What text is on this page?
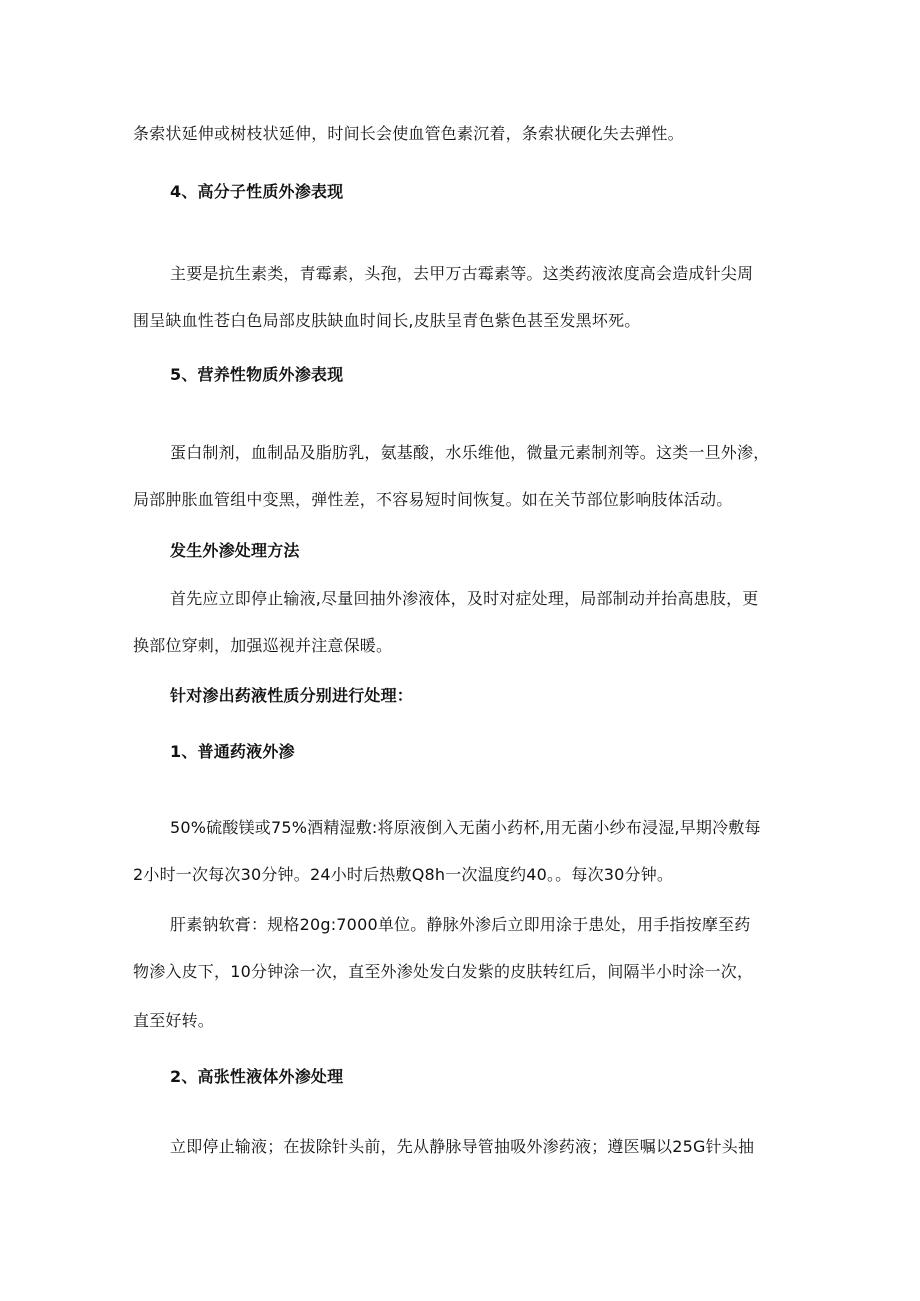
条索状延伸或树枝状延伸，时间长会使血管色素沉着，条索状硬化失去弹性。
4、高分子性质外渗表现
主要是抗生素类，青霉素，头孢，去甲万古霉素等。这类药液浓度高会造成针尖周
围呈缺血性苍白色局部皮肤缺血时间长,皮肤呈青色紫色甚至发黑坏死。
5、营养性物质外渗表现
蛋白制剂，血制品及脂肪乳，氨基酸，水乐维他，微量元素制剂等。这类一旦外渗，
局部肿胀血管组中变黑，弹性差，不容易短时间恢复。如在关节部位影响肢体活动。
发生外渗处理方法
首先应立即停止输液,尽量回抽外渗液体，及时对症处理，局部制动并抬高患肢，更
换部位穿刺，加强巡视并注意保暖。
针对渗出药液性质分别进行处理：
1、普通药液外渗
50%硫酸镁或75%酒精湿敷:将原液倒入无菌小药杯,用无菌小纱布浸湿,早期冷敷每
2小时一次每次30分钟。24小时后热敷Q8h一次温度约40。。每次30分钟。
肝素钠软膏：规格20g:7000单位。静脉外渗后立即用涂于患处，用手指按摩至药
物渗入皮下，10分钟涂一次，直至外渗处发白发紫的皮肤转红后，间隔半小时涂一次，
直至好转。
2、高张性液体外渗处理
立即停止输液；在拔除针头前，先从静脉导管抽吸外渗药液；遵医嘱以25G针头抽
